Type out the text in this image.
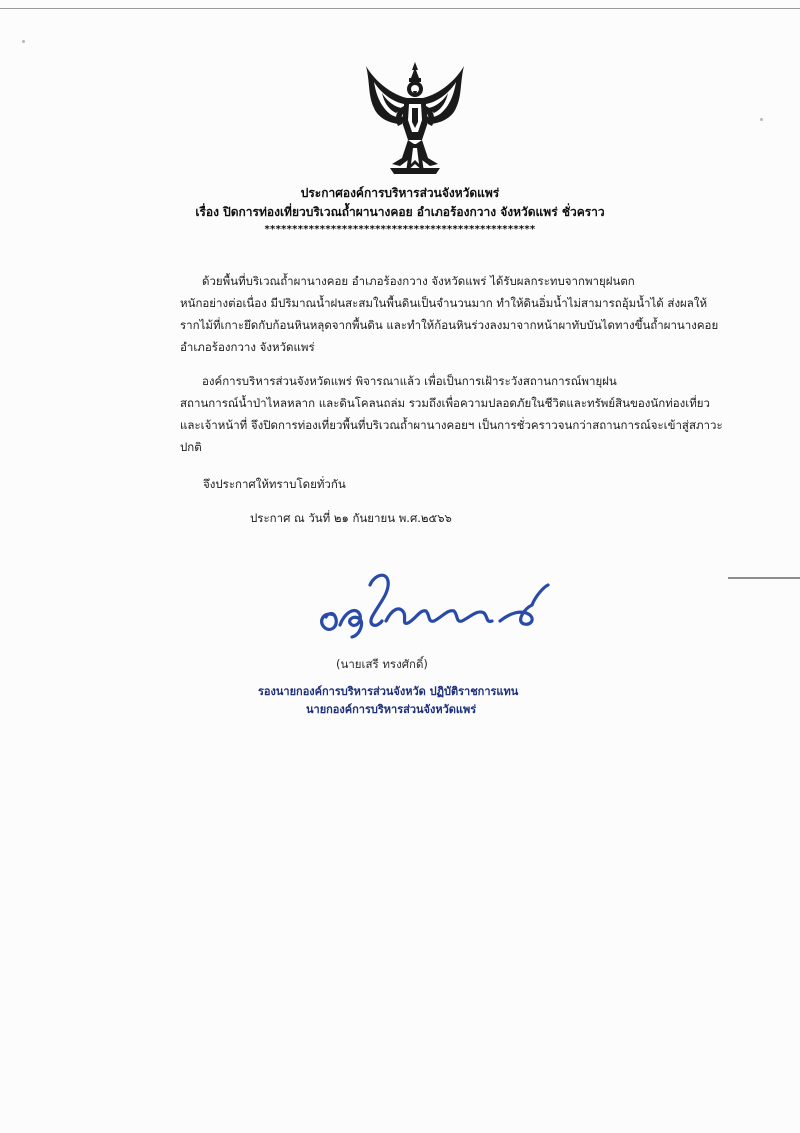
ประกาศองค์การบริหารส่วนจังหวัดแพร่
เรื่อง ปิดการท่องเที่ยวบริเวณถ้ำผานางคอย อำเภอร้องกวาง จังหวัดแพร่ ชั่วคราว
*************************************************

ด้วยพื้นที่บริเวณถ้ำผานางคอย อำเภอร้องกวาง จังหวัดแพร่ ได้รับผลกระทบจากพายุฝนตก

หนักอย่างต่อเนื่อง มีปริมาณน้ำฝนสะสมในพื้นดินเป็นจำนวนมาก ทำให้ดินอิ่มน้ำไม่สามารถอุ้มน้ำได้ ส่งผลให้

รากไม้ที่เกาะยึดกับก้อนหินหลุดจากพื้นดิน และทำให้ก้อนหินร่วงลงมาจากหน้าผาทับบันไดทางขึ้นถ้ำผานางคอย

อำเภอร้องกวาง จังหวัดแพร่

องค์การบริหารส่วนจังหวัดแพร่ พิจารณาแล้ว เพื่อเป็นการเฝ้าระวังสถานการณ์พายุฝน

สถานการณ์น้ำป่าไหลหลาก และดินโคลนถล่ม รวมถึงเพื่อความปลอดภัยในชีวิตและทรัพย์สินของนักท่องเที่ยว

และเจ้าหน้าที่ จึงปิดการท่องเที่ยวพื้นที่บริเวณถ้ำผานางคอยฯ เป็นการชั่วคราวจนกว่าสถานการณ์จะเข้าสู่สภาวะปกติ

จึงประกาศให้ทราบโดยทั่วกัน
ประกาศ ณ วันที่ ๒๑ กันยายน พ.ศ.๒๕๖๖
(นายเสรี ทรงศักดิ์)
รองนายกองค์การบริหารส่วนจังหวัด ปฏิบัติราชการแทน
นายกองค์การบริหารส่วนจังหวัดแพร่
